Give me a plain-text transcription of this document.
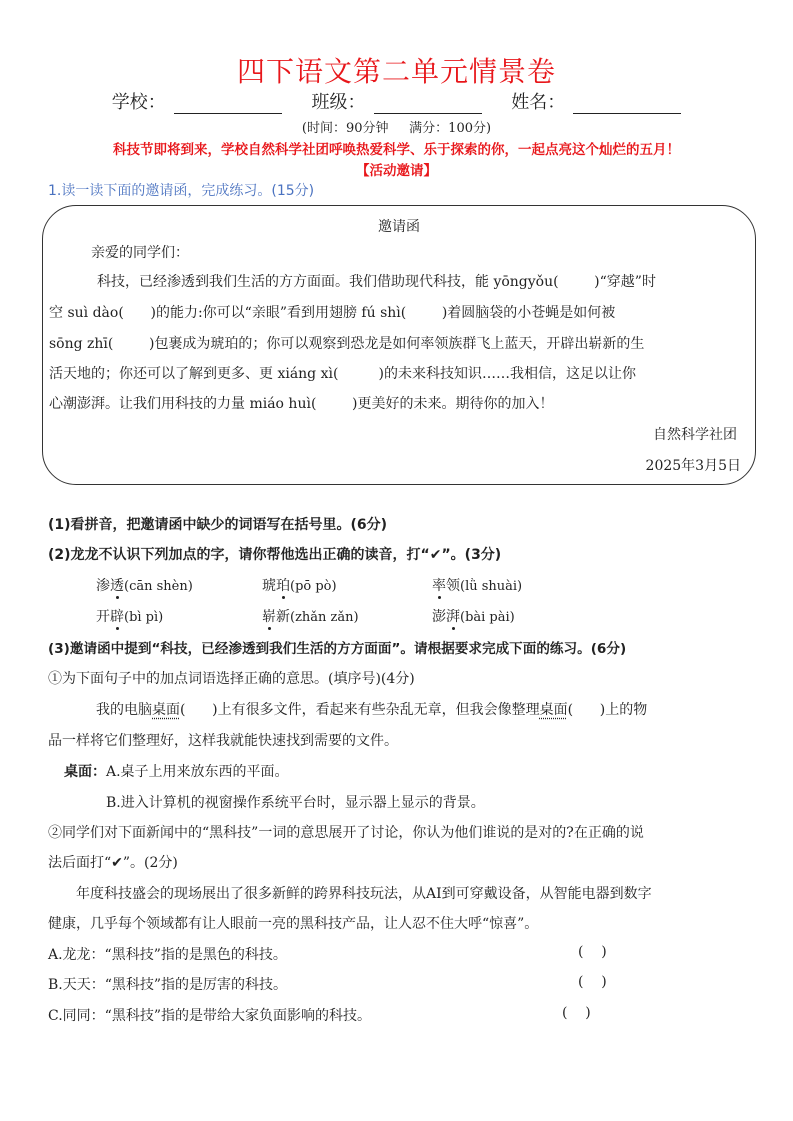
四下语文第二单元情景卷
学校：	班级：	姓名：
(时间：90分钟     满分：100分)
科技节即将到来，学校自然科学社团呼唤热爱科学、乐于探索的你，一起点亮这个灿烂的五月！
【活动邀请】
1.读一读下面的邀请函，完成练习。(15分)
邀请函
亲爱的同学们：
科技，已经渗透到我们生活的方方面面。我们借助现代科技，能 yōngyǒu(        )“穿越”时
空 suì dào(      )的能力:你可以“亲眼”看到用翅膀 fú shì(        )着圆脑袋的小苍蝇是如何被
sōng zhī(        )包裹成为琥珀的；你可以观察到恐龙是如何率领族群飞上蓝天，开辟出崭新的生
活天地的；你还可以了解到更多、更 xiáng xì(         )的未来科技知识……我相信，这足以让你
心潮澎湃。让我们用科技的力量 miáo huì(        )更美好的未来。期待你的加入！
自然科学社团
2025年3月5日
(1)看拼音，把邀请函中缺少的词语写在括号里。(6分)
(2)龙龙不认识下列加点的字，请你帮他选出正确的读音，打“✔”。(3分)
渗透(cān shèn)	琥珀(pō pò)	率领(lǜ shuài)
开辟(bì pì)	崭新(zhǎn zǎn)	澎湃(bài pài)
(3)邀请函中提到“科技，已经渗透到我们生活的方方面面”。请根据要求完成下面的练习。(6分)
①为下面句子中的加点词语选择正确的意思。(填序号)(4分)
我的电脑桌面(      )上有很多文件，看起来有些杂乱无章，但我会像整理桌面(      )上的物
品一样将它们整理好，这样我就能快速找到需要的文件。
桌面：A.桌子上用来放东西的平面。
B.进入计算机的视窗操作系统平台时，显示器上显示的背景。
②同学们对下面新闻中的“黑科技”一词的意思展开了讨论，你认为他们谁说的是对的?在正确的说
法后面打“✔”。(2分)
年度科技盛会的现场展出了很多新鲜的跨界科技玩法，从AI到可穿戴设备，从智能电器到数字
健康，几乎每个领域都有让人眼前一亮的黑科技产品，让人忍不住大呼“惊喜”。
A.龙龙：“黑科技”指的是黑色的科技。	(    )
B.天天：“黑科技”指的是厉害的科技。	(    )
C.同同：“黑科技”指的是带给大家负面影响的科技。	(    )
